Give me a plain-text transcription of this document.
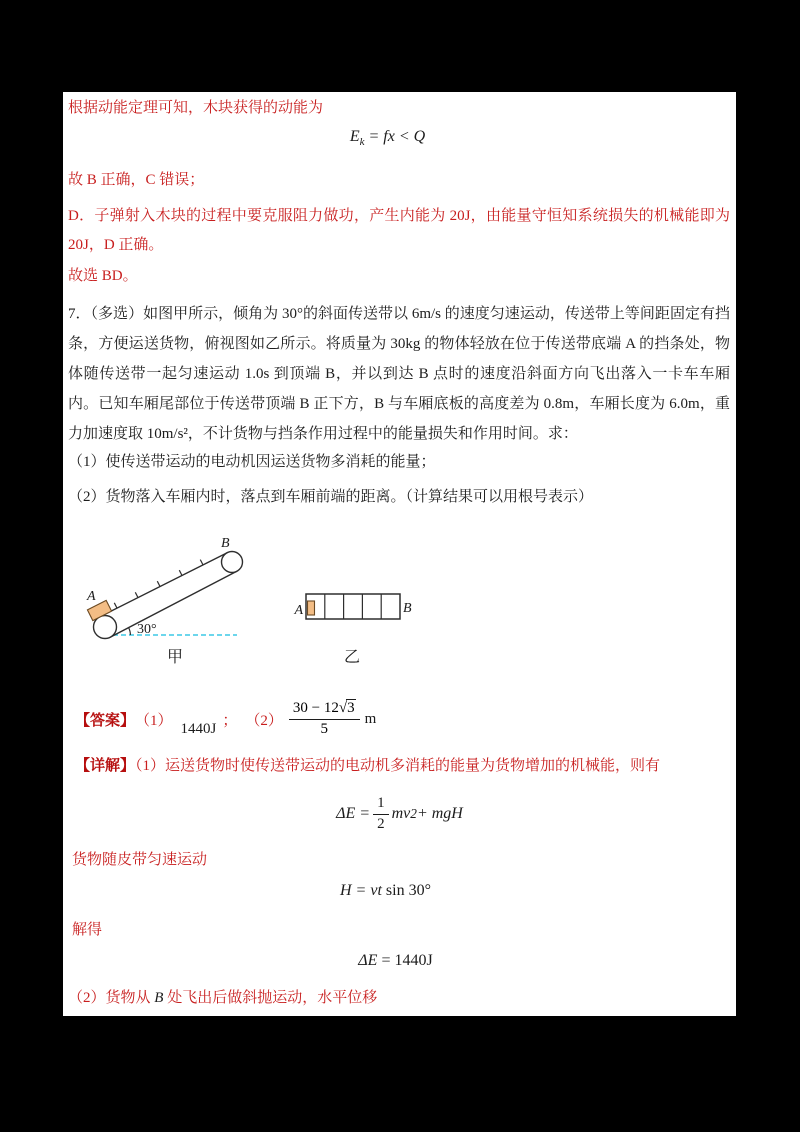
根据动能定理可知，木块获得的动能为
$E_k$ = fx < Q
故 B 正确，C 错误；
D．子弹射入木块的过程中要克服阻力做功，产生内能为 20J，由能量守恒知系统损失的机械能即为 20J，D 正确。
故选 BD。
7．（多选）如图甲所示，倾角为 30°的斜面传送带以 6m/s 的速度匀速运动，传送带上等间距固定有挡条，方便运送货物，俯视图如乙所示。将质量为 30kg 的物体轻放在位于传送带底端 A 的挡条处，物体随传送带一起匀速运动 1.0s 到顶端 B，并以到达 B 点时的速度沿斜面方向飞出落入一卡车车厢内。已知车厢尾部位于传送带顶端 B 正下方，B 与车厢底板的高度差为 0.8m，车厢长度为 6.0m，重力加速度取 10m/s²，不计货物与挡条作用过程中的能量损失和作用时间。求：
（1）使传送带运动的电动机因运送货物多消耗的能量；
（2）货物落入车厢内时，落点到车厢前端的距离。（计算结果可以用根号表示）
A
B
30°
甲
A	B
乙
【答案】 （1） 1440J ； $(2) \frac{30 - 12√3}{5}$ m
【详解】（1）运送货物时使传送带运动的电动机多消耗的能量为货物增加的机械能，则有
$\Delta E = \frac{1}{2}$ mv 2 + mgH
货物随皮带匀速运动
H = vt sin 30°
解得
ΔE = 1440J
（2）货物从 B 处飞出后做斜抛运动，水平位移
